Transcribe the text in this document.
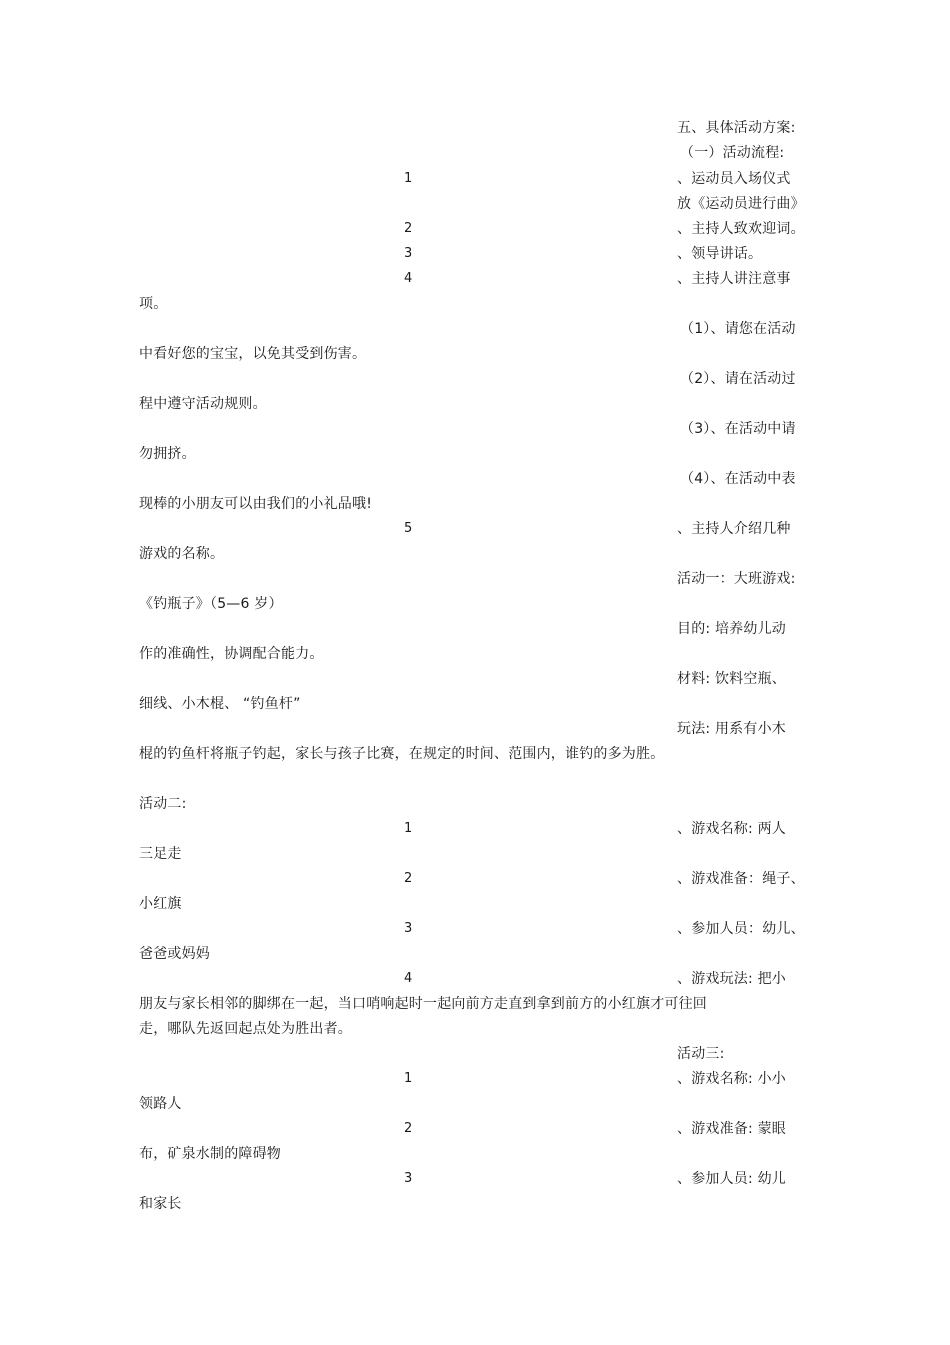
五、具体活动方案:
（一）活动流程:
1	、运动员入场仪式
放《运动员进行曲》
2	、主持人致欢迎词。
3	、领导讲话。
4	、主持人讲注意事
项。
（1）、请您在活动
中看好您的宝宝，以免其受到伤害。
（2）、请在活动过
程中遵守活动规则。
（3）、在活动中请
勿拥挤。
（4）、在活动中表
现棒的小朋友可以由我们的小礼品哦!
5	、主持人介绍几种
游戏的名称。
活动一：大班游戏:
《钓瓶子》（5—6 岁）
目的: 培养幼儿动
作的准确性，协调配合能力。
材料: 饮料空瓶、
细线、小木棍、 “钓鱼杆”
玩法: 用系有小木
棍的钓鱼杆将瓶子钓起，家长与孩子比赛，在规定的时间、范围内，谁钓的多为胜。
活动二:
1	、游戏名称: 两人
三足走
2	、游戏准备：绳子、
小红旗
3	、参加人员：幼儿、
爸爸或妈妈
4	、游戏玩法: 把小
朋友与家长相邻的脚绑在一起，当口哨响起时一起向前方走直到拿到前方的小红旗才可往回
走，哪队先返回起点处为胜出者。
活动三:
1	、游戏名称: 小小
领路人
2	、游戏准备: 蒙眼
布，矿泉水制的障碍物
3	、参加人员: 幼儿
和家长
